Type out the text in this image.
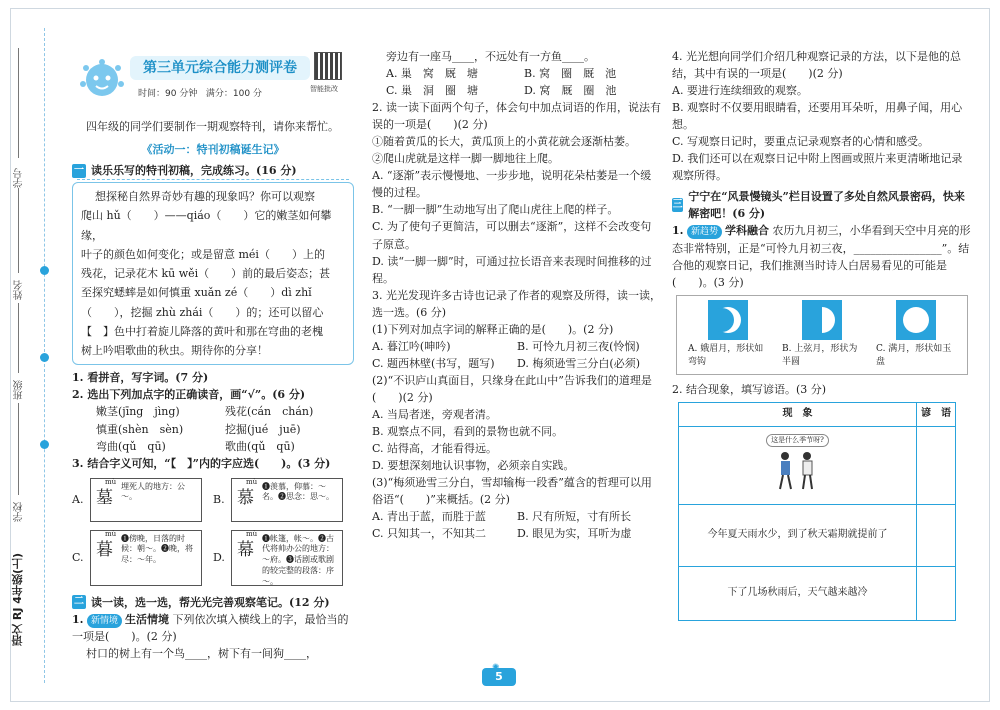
学号
姓名
班级
学校
语文 RJ 4年级(上)
第三单元综合能力测评卷
时间：90 分钟 满分：100 分	智能批改

四年级的同学们要制作一期观察特刊，请你来帮忙。

《活动一：特刊初稿诞生记》
一 读乐乐写的特刊初稿，完成练习。(16 分)

想探秘自然界奇妙有趣的现象吗？你可以观察

爬山 hǔ（　　）——qiáo（　　）它的嫩茎如何攀缘，

叶子的颜色如何变化；或是留意 méi（　　）上的

残花，记录花木 kū wěi（　　）前的最后姿态；甚

至探究蟋蟀是如何慎重 xuǎn zé（　　）dì zhǐ

（　　），挖掘 zhù zhái（　　）的；还可以留心

【　】色中打着旋儿降落的黄叶和那在穹曲的老槐

树上吟唱歌曲的秋虫。期待你的分享！

1. 看拼音，写字词。(7 分)

2. 选出下列加点字的正确读音，画“√”。(6 分)

嫩茎(jīng　jìng)	残花(cán　chán)
慎重(shèn　sèn)	挖掘(jué　juē)
弯曲(qǔ　qū)	歌曲(qǔ　qū)

3. 结合字义可知，“【　】”内的字应选(　　)。(3 分)

A.
mù
墓
埋死人的地方：公～。	B.
mù
慕
❶羡慕，仰慕：～名。❷思念：思～。
C.
mù
暮
❶傍晚，日落的时候：朝～。❷晚，将尽：～年。	D.
mù
幕
❶帐篷，帐～。❷古代将帅办公的地方：～府。❸话剧或歌剧的较完整的段落：序～。
二 读一读，选一选，帮光光完善观察笔记。(12 分)

1. 新情境 生活情境 下列依次填入横线上的字，最恰当的一项是(　　)。(2 分)

村口的树上有一个鸟____，树下有一间狗____，

旁边有一座马____，不远处有一方鱼____。

A. 巢　窝　厩　塘	B. 窝　圈　厩　池
C. 巢　洞　圈　塘	D. 窝　厩　圈　池

2. 读一读下面两个句子，体会句中加点词语的作用，说法有误的一项是(　　)(2 分)

①随着黄瓜的长大，黄瓜顶上的小黄花就会逐渐枯萎。

②爬山虎就是这样一脚一脚地往上爬。

A. “逐渐”表示慢慢地、一步步地，说明花朵枯萎是一个缓慢的过程。

B. “一脚一脚”生动地写出了爬山虎往上爬的样子。

C. 为了使句子更简洁，可以删去“逐渐”，这样不会改变句子原意。

D. 读“一脚一脚”时，可通过拉长语音来表现时间推移的过程。

3. 光光发现许多古诗也记录了作者的观察及所得，读一读，选一选。(6 分)

(1)下列对加点字词的解释正确的是(　　)。(2 分)

A. 暮江吟(呻吟)	B. 可怜九月初三夜(怜悯)
C. 题西林壁(书写，题写)	D. 梅须逊雪三分白(必须)

(2)“不识庐山真面目，只缘身在此山中”告诉我们的道理是(　　)(2 分)

A. 当局者迷，旁观者清。

B. 观察点不同，看到的景物也就不同。

C. 站得高，才能看得远。

D. 要想深刻地认识事物，必须亲自实践。

(3)“梅须逊雪三分白，雪却输梅一段香”蕴含的哲理可以用俗语“(　　)”来概括。(2 分)

A. 青出于蓝，而胜于蓝	B. 尺有所短，寸有所长
C. 只知其一，不知其二	D. 眼见为实，耳听为虚

4. 光光想向同学们介绍几种观察记录的方法，以下是他的总结，其中有误的一项是(　　)(2 分)

A. 要进行连续细致的观察。

B. 观察时不仅要用眼睛看，还要用耳朵听，用鼻子闻，用心想。

C. 写观察日记时，要重点记录观察者的心情和感受。

D. 我们还可以在观察日记中附上图画或照片来更清晰地记录观察所得。

三
宁宁在“风景慢镜头”栏目设置了多处自然风景密码，快来解密吧！(6 分)

1. 新趋势 学科融合 农历九月初三，小华看到天空中月亮的形态非常特别，正是“可怜九月初三夜，________________”。结合他的观察日记，我们推测当时诗人白居易看见的可能是(　　)。(3 分)

A. 娥眉月，形状如弯钩
B. 上弦月，形状为半圆
C. 满月，形状如玉盘

2. 结合现象，填写谚语。(3 分)

现　象	谚　语
这是什么季节呀?

今年夏天雨水少，到了秋天霜期就提前了	
下了几场秋雨后，天气越来越冷	
✺
5
